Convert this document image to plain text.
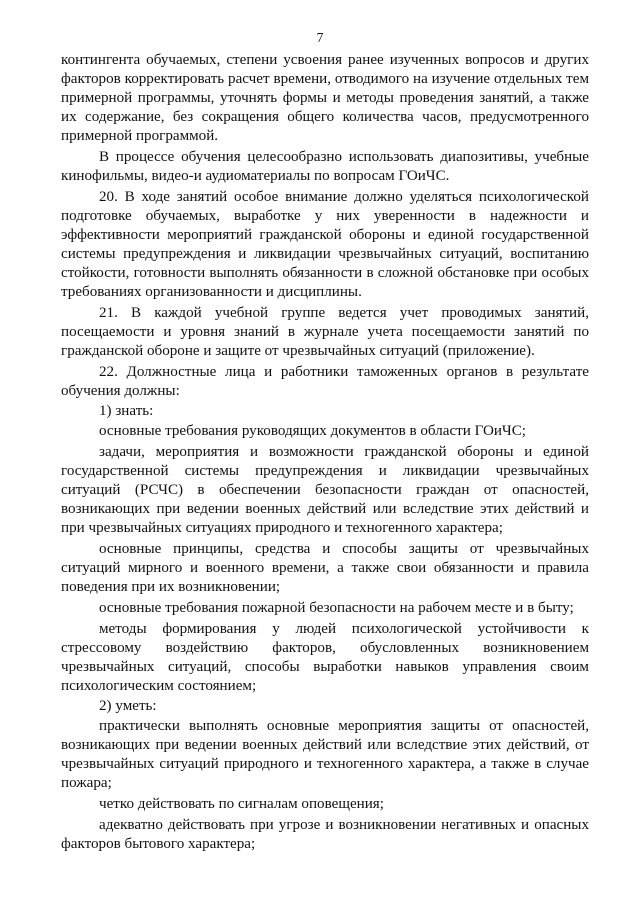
7

контингента обучаемых, степени усвоения ранее изученных вопросов и других факторов корректировать расчет времени, отводимого на изучение отдельных тем примерной программы, уточнять формы и методы проведения занятий, а также их содержание, без сокращения общего количества часов, предусмотренного примерной программой.

В процессе обучения целесообразно использовать диапозитивы, учебные кинофильмы, видео-и аудиоматериалы по вопросам ГОиЧС.

20. В ходе занятий особое внимание должно уделяться психологической подготовке обучаемых, выработке у них уверенности в надежности и эффективности мероприятий гражданской обороны и единой государственной системы предупреждения и ликвидации чрезвычайных ситуаций, воспитанию стойкости, готовности выполнять обязанности в сложной обстановке при особых требованиях организованности и дисциплины.

21. В каждой учебной группе ведется учет проводимых занятий, посещаемости и уровня знаний в журнале учета посещаемости занятий по гражданской обороне и защите от чрезвычайных ситуаций (приложение).

22. Должностные лица и работники таможенных органов в результате обучения должны:

1) знать:

основные требования руководящих документов в области ГОиЧС;

задачи, мероприятия и возможности гражданской обороны и единой государственной системы предупреждения и ликвидации чрезвычайных ситуаций (РСЧС) в обеспечении безопасности граждан от опасностей, возникающих при ведении военных действий или вследствие этих действий и при чрезвычайных ситуациях природного и техногенного характера;

основные принципы, средства и способы защиты от чрезвычайных ситуаций мирного и военного времени, а также свои обязанности и правила поведения при их возникновении;

основные требования пожарной безопасности на рабочем месте и в быту;

методы формирования у людей психологической устойчивости к стрессовому воздействию факторов, обусловленных возникновением чрезвычайных ситуаций, способы выработки навыков управления своим психологическим состоянием;

2) уметь:

практически выполнять основные мероприятия защиты от опасностей, возникающих при ведении военных действий или вследствие этих действий, от чрезвычайных ситуаций природного и техногенного характера, а также в случае пожара;

четко действовать по сигналам оповещения;

адекватно действовать при угрозе и возникновении негативных и опасных факторов бытового характера;
